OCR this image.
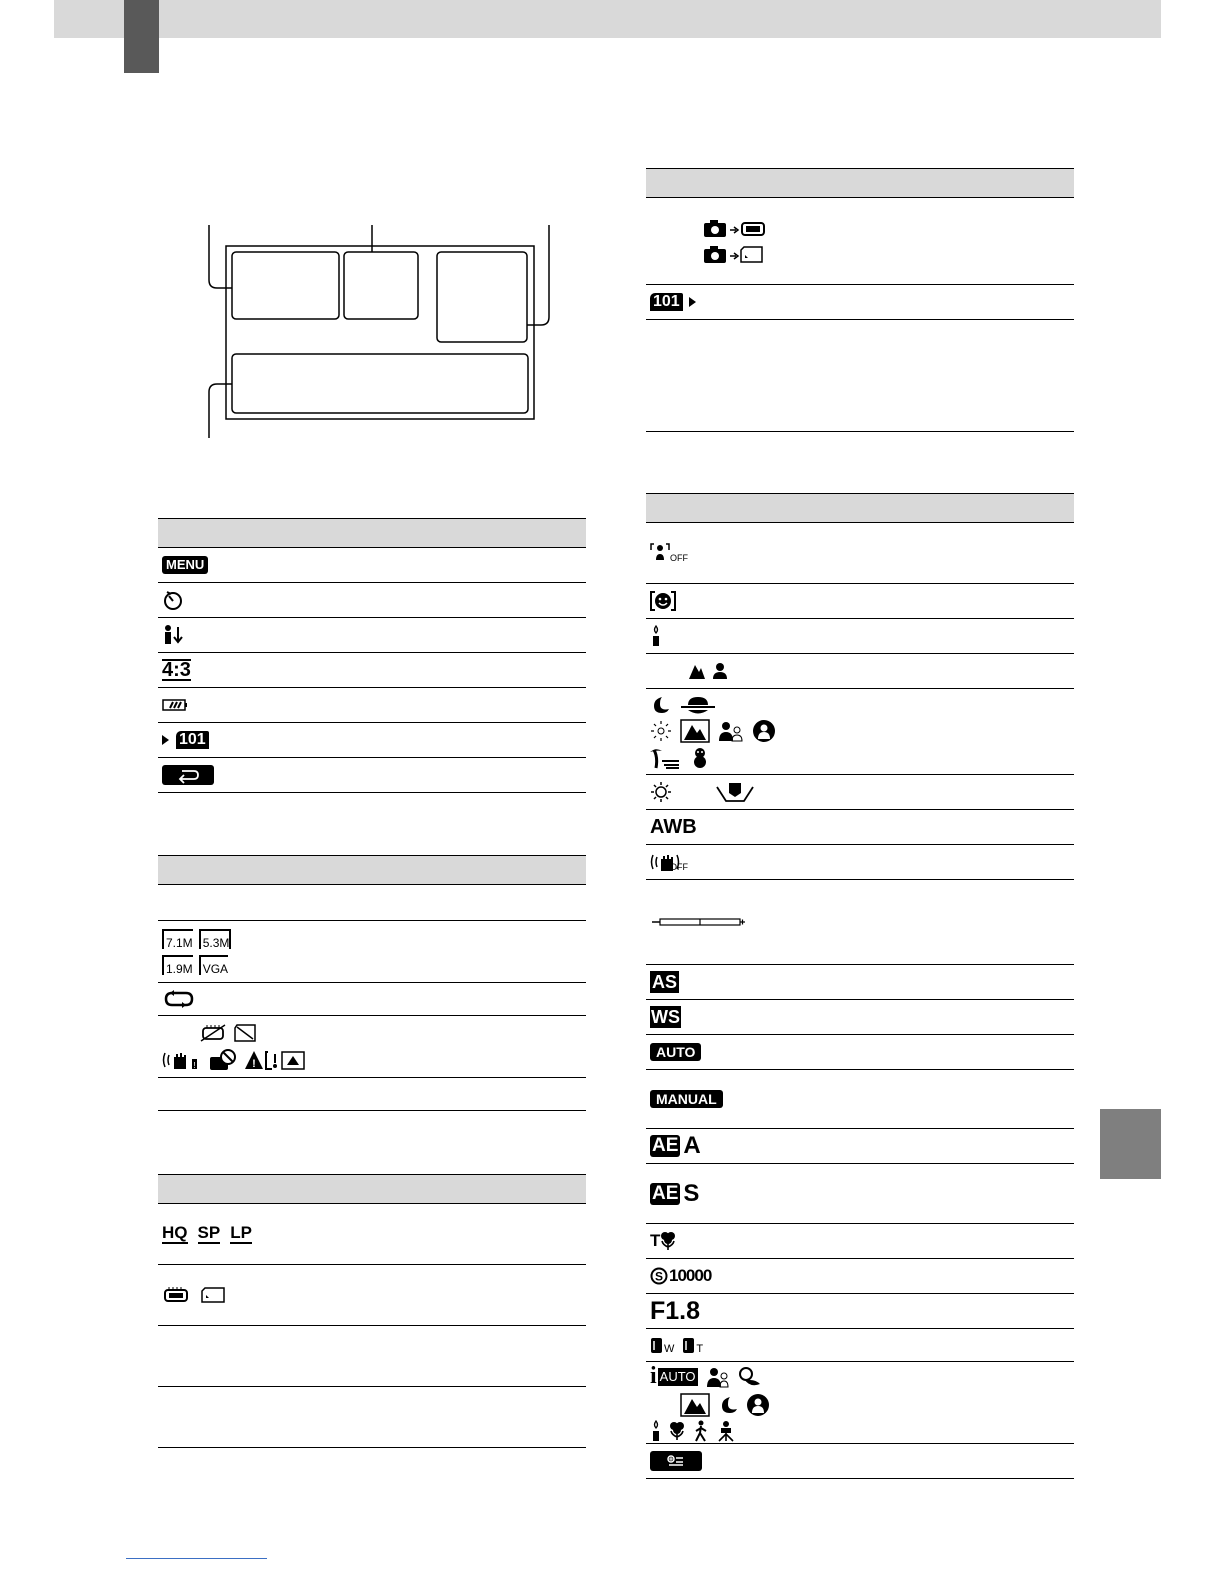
MENU
4:3
101
7.1M 5.3M
1.9M VGA
!	!
HQ SP LP
101
OFF
AWB
OFF
AS
WS
AUTO
MANUAL
AE A
AE S
T
S 10000
F1.8
W T
i AUTO
